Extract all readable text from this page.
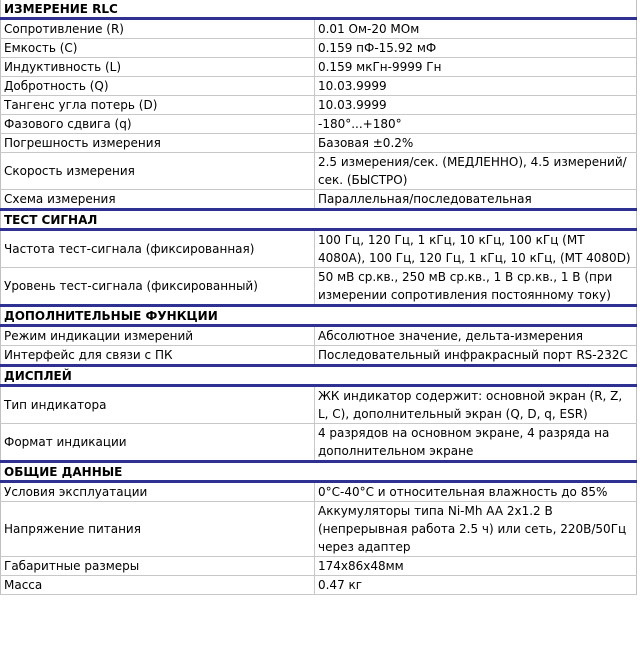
ИЗМЕРЕНИЕ RLC	
Сопротивление (R)	0.01 Ом-20 МОм
Емкость (С)	0.159 пФ-15.92 мФ
Индуктивность (L)	0.159 мкГн-9999 Гн
Добротность (Q)	10.03.9999
Тангенс угла потерь (D)	10.03.9999
Фазового сдвига (q)	-180°...+180°
Погрешность измерения	Базовая ±0.2%
Скорость измерения	2.5 измерения/сек. (МЕДЛЕННО), 4.5 измерений/сек. (БЫСТРО)
Схема измерения	Параллельная/последовательная
ТЕСТ СИГНАЛ	
Частота тест-сигнала (фиксированная)	100 Гц, 120 Гц, 1 кГц, 10 кГц, 100 кГц (МТ 4080A), 100 Гц, 120 Гц, 1 кГц, 10 кГц, (МТ 4080D)
Уровень тест-сигнала (фиксированный)	50 мВ ср.кв., 250 мВ ср.кв., 1 В ср.кв., 1 В (при измерении сопротивления постоянному току)
ДОПОЛНИТЕЛЬНЫЕ ФУНКЦИИ	
Режим индикации измерений	Абсолютное значение, дельта-измерения
Интерфейс для связи с ПК	Последовательный инфракрасный порт RS-232C
ДИСПЛЕЙ	
Тип индикатора	ЖК индикатор содержит: основной экран (R, Z, L, C), дополнительный экран (Q, D, q, ESR)
Формат индикации	4 разрядов на основном экране, 4 разряда на дополнительном экране
ОБЩИЕ ДАННЫЕ	
Условия эксплуатации	0°C-40°C и относительная влажность до 85%
Напряжение питания	Аккумуляторы типа Ni-Mh AA 2x1.2 В (непрерывная работа 2.5 ч) или сеть, 220В/50Гц через адаптер
Габаритные размеры	174x86x48мм
Масса	0.47 кг
